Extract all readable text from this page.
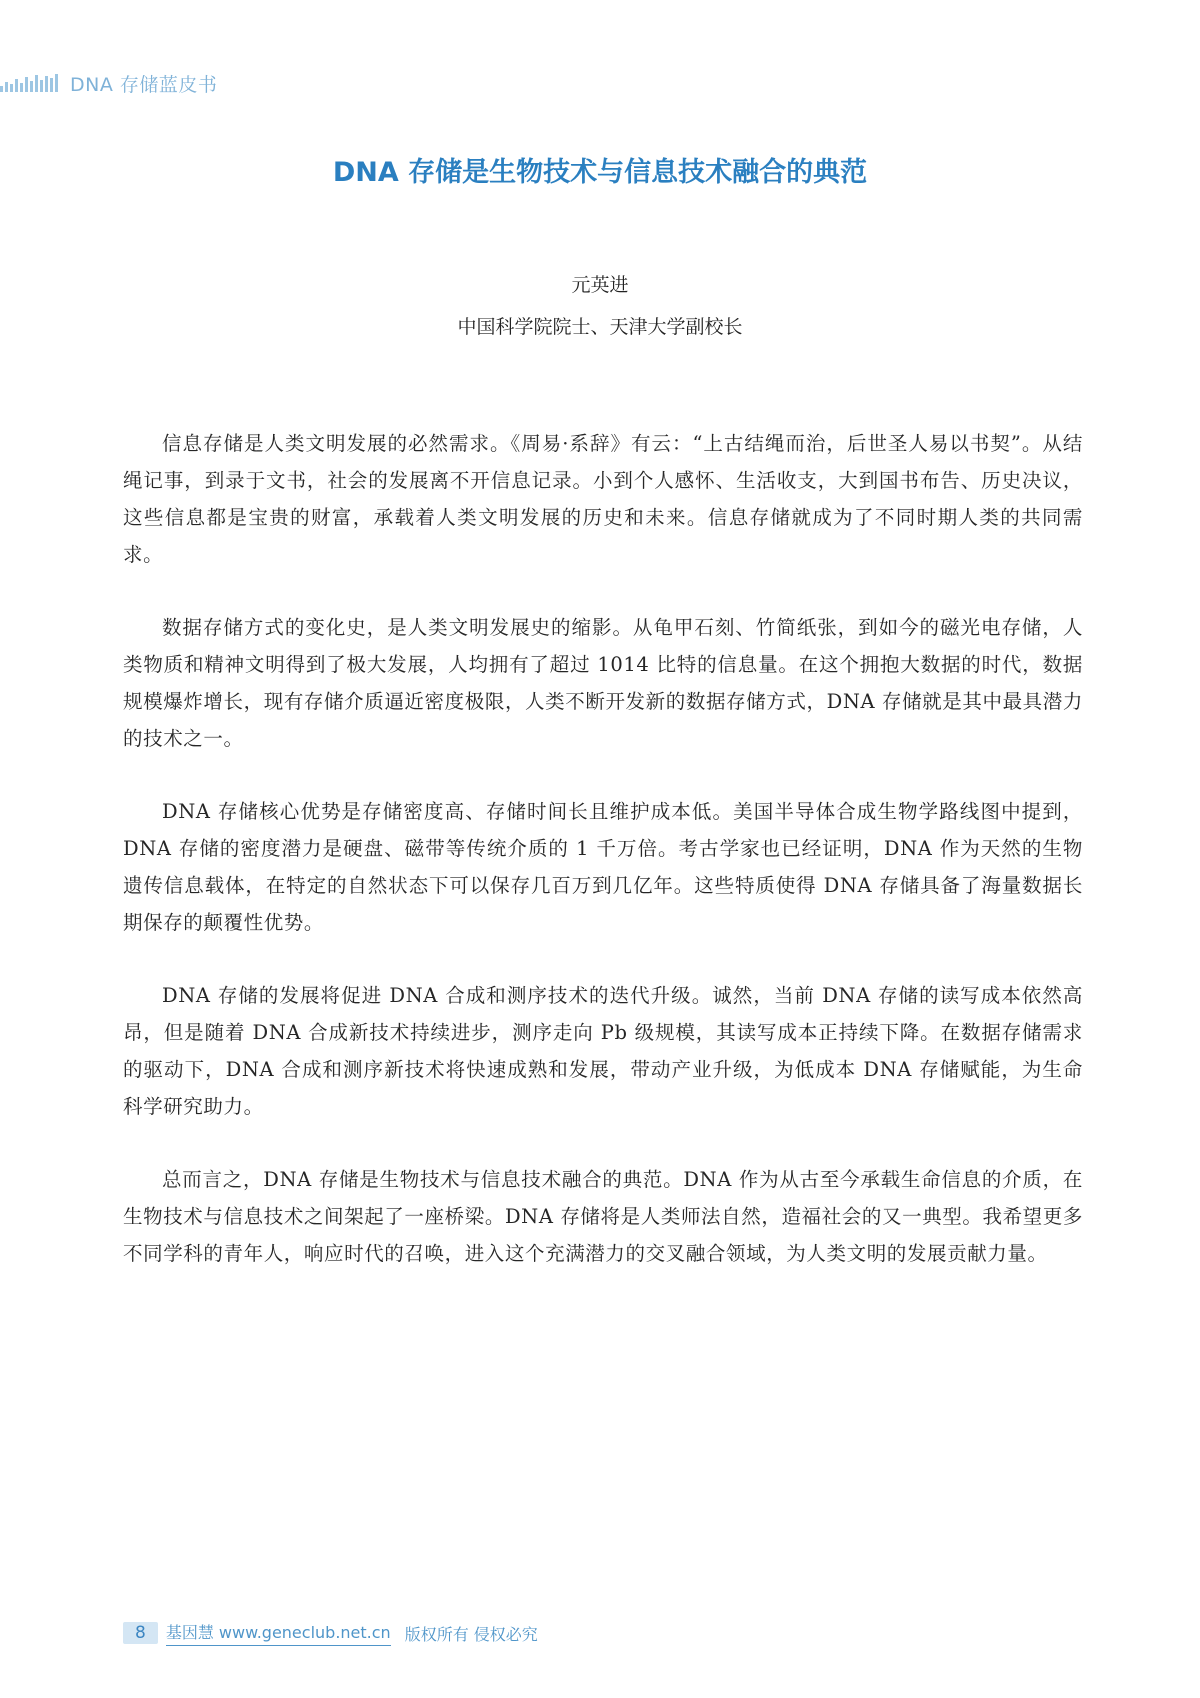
DNA 存储蓝皮书
DNA 存储是生物技术与信息技术融合的典范
元英进
中国科学院院士、天津大学副校长

信息存储是人类文明发展的必然需求。《周易·系辞》有云：“上古结绳而治，后世圣人易以书契”。从结绳记事，到录于文书，社会的发展离不开信息记录。小到个人感怀、生活收支，大到国书布告、历史决议，这些信息都是宝贵的财富，承载着人类文明发展的历史和未来。信息存储就成为了不同时期人类的共同需求。

数据存储方式的变化史，是人类文明发展史的缩影。从龟甲石刻、竹简纸张，到如今的磁光电存储，人类物质和精神文明得到了极大发展，人均拥有了超过 1014 比特的信息量。在这个拥抱大数据的时代，数据规模爆炸增长，现有存储介质逼近密度极限，人类不断开发新的数据存储方式，DNA 存储就是其中最具潜力的技术之一。

DNA 存储核心优势是存储密度高、存储时间长且维护成本低。美国半导体合成生物学路线图中提到，DNA 存储的密度潜力是硬盘、磁带等传统介质的 1 千万倍。考古学家也已经证明，DNA 作为天然的生物遗传信息载体，在特定的自然状态下可以保存几百万到几亿年。这些特质使得 DNA 存储具备了海量数据长期保存的颠覆性优势。

DNA 存储的发展将促进 DNA 合成和测序技术的迭代升级。诚然，当前 DNA 存储的读写成本依然高昂，但是随着 DNA 合成新技术持续进步，测序走向 Pb 级规模，其读写成本正持续下降。在数据存储需求的驱动下，DNA 合成和测序新技术将快速成熟和发展，带动产业升级，为低成本 DNA 存储赋能，为生命科学研究助力。

总而言之，DNA 存储是生物技术与信息技术融合的典范。DNA 作为从古至今承载生命信息的介质，在生物技术与信息技术之间架起了一座桥梁。DNA 存储将是人类师法自然，造福社会的又一典型。我希望更多不同学科的青年人，响应时代的召唤，进入这个充满潜力的交叉融合领域，为人类文明的发展贡献力量。

8	基因慧 www.geneclub.net.cn 版权所有 侵权必究
